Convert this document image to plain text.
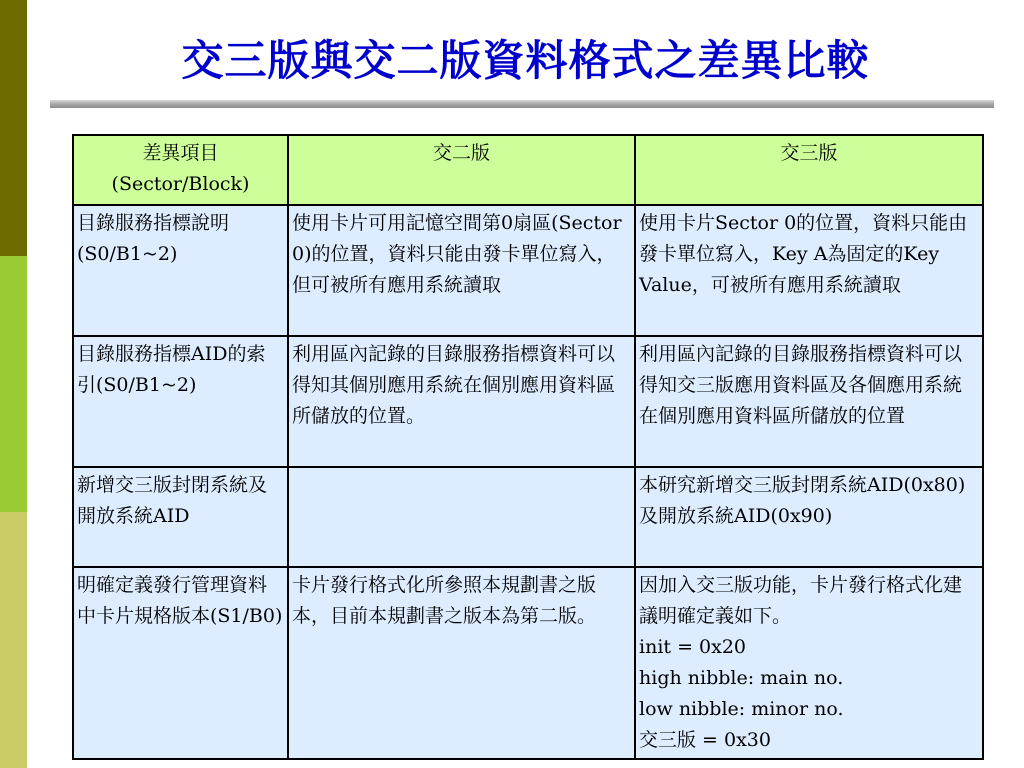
交三版與交二版資料格式之差異比較
差異項目
(Sector/Block)	交二版	交三版
目錄服務指標說明(S0/B1~2)	使用卡片可用記憶空間第0扇區(Sector 0)的位置，資料只能由發卡單位寫入，但可被所有應用系統讀取	使用卡片Sector 0的位置，資料只能由發卡單位寫入，Key A為固定的Key Value，可被所有應用系統讀取
目錄服務指標AID的索引(S0/B1~2)	利用區內記錄的目錄服務指標資料可以得知其個別應用系統在個別應用資料區所儲放的位置。	利用區內記錄的目錄服務指標資料可以得知交三版應用資料區及各個應用系統在個別應用資料區所儲放的位置
新增交三版封閉系統及開放系統AID		本研究新增交三版封閉系統AID(0x80)及開放系統AID(0x90)
明確定義發行管理資料中卡片規格版本(S1/B0)	卡片發行格式化所參照本規劃書之版本，目前本規劃書之版本為第二版。	因加入交三版功能，卡片發行格式化建議明確定義如下。
init = 0x20
high nibble: main no.
low nibble: minor no.
交三版 = 0x30
